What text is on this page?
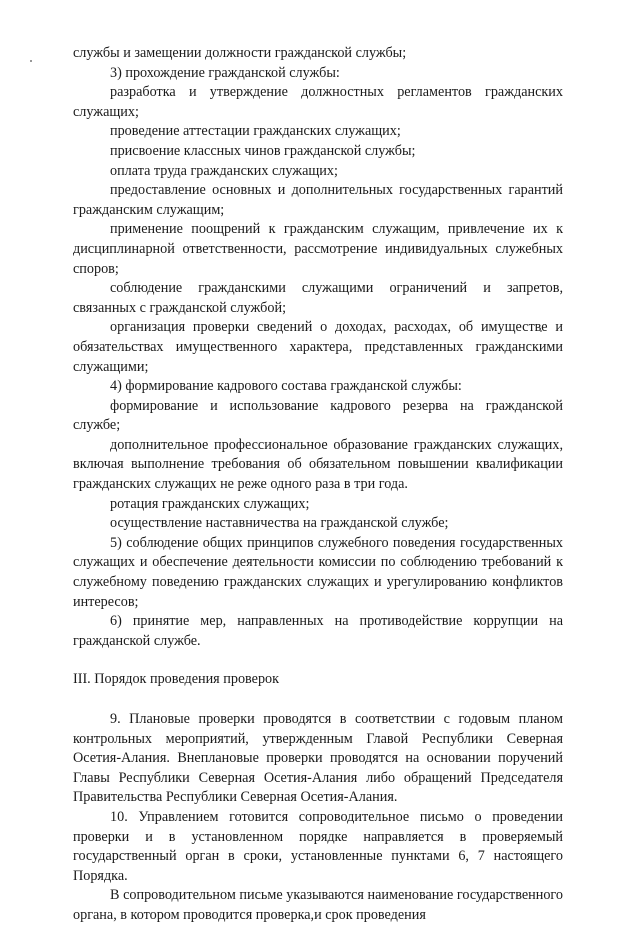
службы и замещении должности гражданской службы;

3) прохождение гражданской службы:

разработка и утверждение должностных регламентов гражданских служащих;

проведение аттестации гражданских служащих;

присвоение классных чинов гражданской службы;

оплата труда гражданских служащих;

предоставление основных и дополнительных государственных гарантий гражданским служащим;

применение поощрений к гражданским служащим, привлечение их к дисциплинарной ответственности, рассмотрение индивидуальных служебных споров;

соблюдение гражданскими служащими ограничений и запретов, связанных с гражданской службой;

организация проверки сведений о доходах, расходах, об имуществе и обязательствах имущественного характера, представленных гражданскими служащими;

4) формирование кадрового состава гражданской службы:

формирование и использование кадрового резерва на гражданской службе;

дополнительное профессиональное образование гражданских служащих, включая выполнение требования об обязательном повышении квалификации гражданских служащих не реже одного раза в три года.

ротация гражданских служащих;

осуществление наставничества на гражданской службе;

5) соблюдение общих принципов служебного поведения государственных служащих и обеспечение деятельности комиссии по соблюдению требований к служебному поведению гражданских служащих и урегулированию конфликтов интересов;

6) принятие мер, направленных на противодействие коррупции на гражданской службе.

III. Порядок проведения проверок

9. Плановые проверки проводятся в соответствии с годовым планом контрольных мероприятий, утвержденным Главой Республики Северная Осетия-Алания. Внеплановые проверки проводятся на основании поручений Главы Республики Северная Осетия-Алания либо обращений Председателя Правительства Республики Северная Осетия-Алания.

10. Управлением готовится сопроводительное письмо о проведении проверки и в установленном порядке направляется в проверяемый государственный орган в сроки, установленные пунктами 6, 7 настоящего Порядка.

В сопроводительном письме указываются наименование государственного органа, в котором проводится проверка,и срок проведения
